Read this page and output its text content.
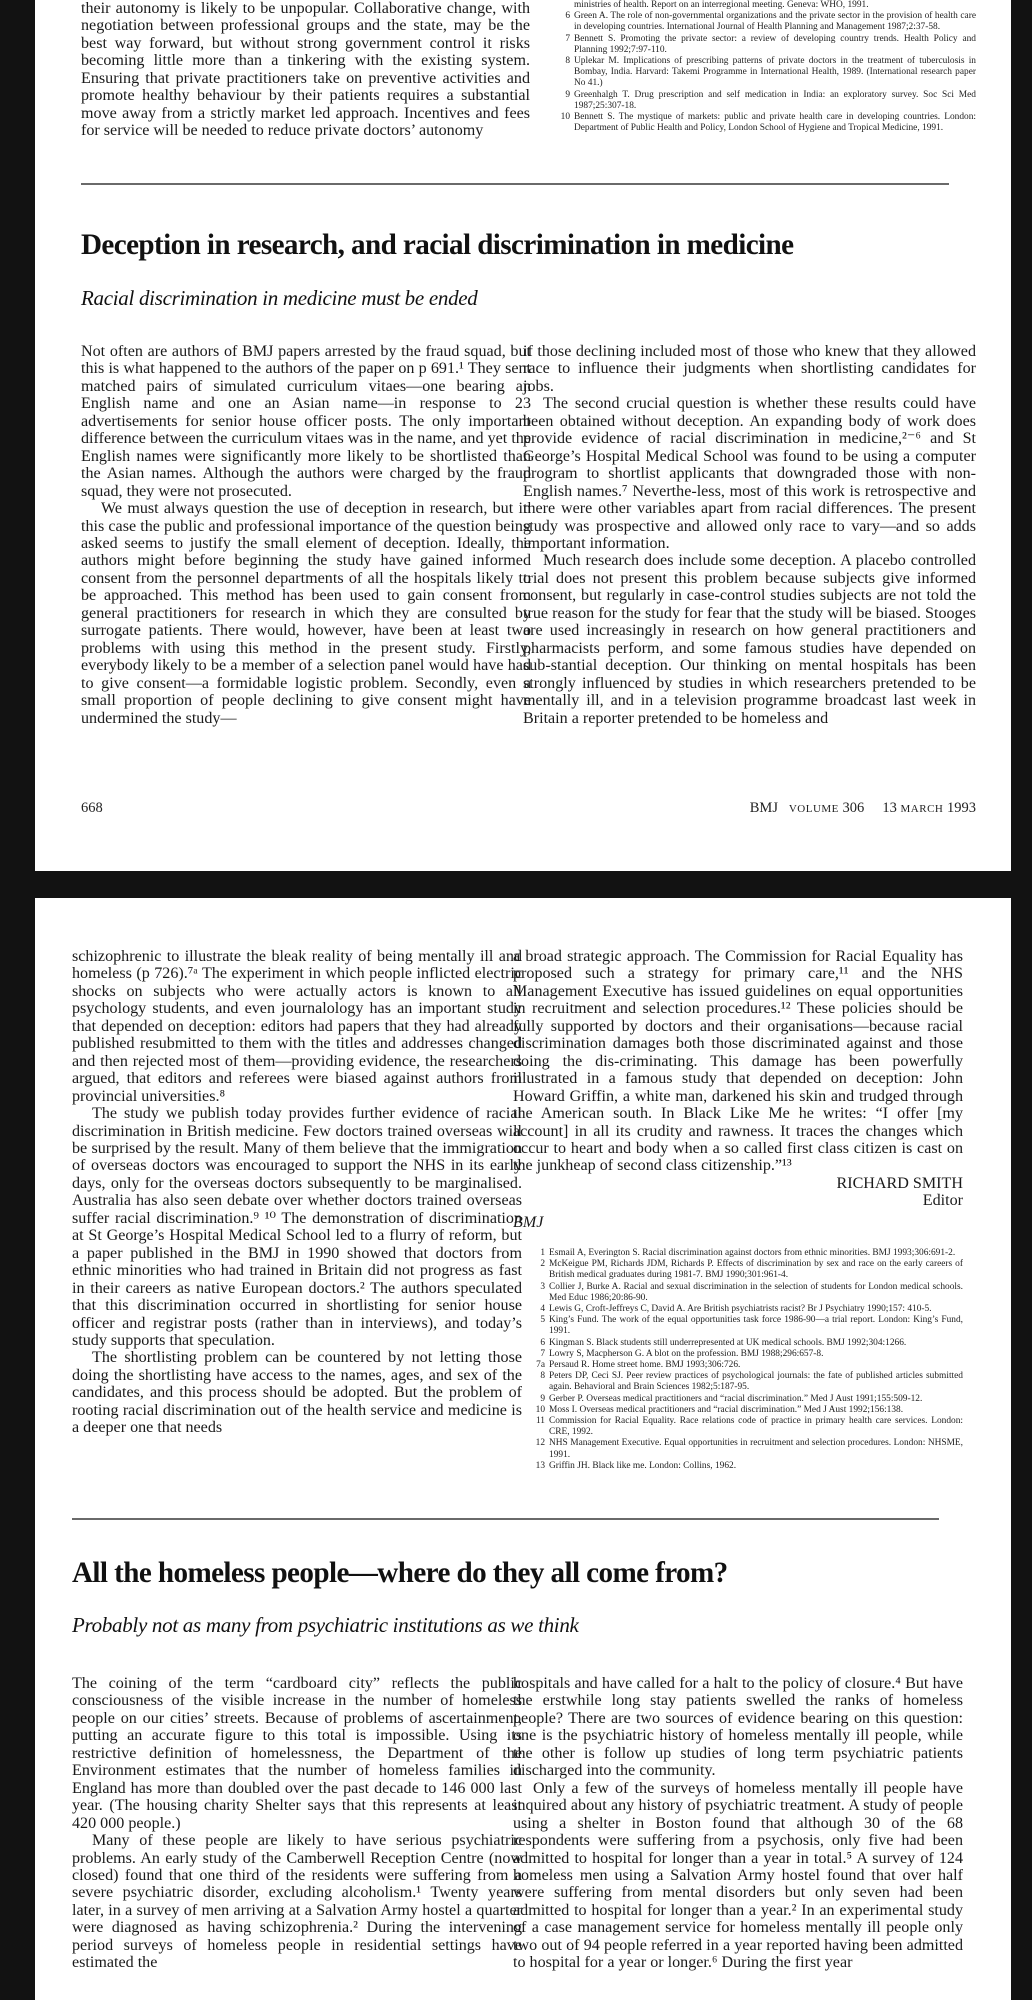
their autonomy is likely to be unpopular. Collaborative change, with negotiation between professional groups and the state, may be the best way forward, but without strong government control it risks becoming little more than a tinkering with the existing system. Ensuring that private practitioners take on preventive activities and promote healthy behaviour by their patients requires a substantial move away from a strictly market led approach. Incentives and fees for service will be needed to reduce private doctors’ autonomy

ministries of health. Report on an interregional meeting. Geneva: WHO, 1991.

6 Green A. The role of non-governmental organizations and the private sector in the provision of health care in developing countries. International Journal of Health Planning and Management 1987;2:37-58.

7 Bennett S. Promoting the private sector: a review of developing country trends. Health Policy and Planning 1992;7:97-110.

8 Uplekar M. Implications of prescribing patterns of private doctors in the treatment of tuberculosis in Bombay, India. Harvard: Takemi Programme in International Health, 1989. (International research paper No 41.)

9 Greenhalgh T. Drug prescription and self medication in India: an exploratory survey. Soc Sci Med 1987;25:307-18.

10 Bennett S. The mystique of markets: public and private health care in developing countries. London: Department of Public Health and Policy, London School of Hygiene and Tropical Medicine, 1991.

Deception in research, and racial discrimination in medicine
Racial discrimination in medicine must be ended

Not often are authors of BMJ papers arrested by the fraud squad, but this is what happened to the authors of the paper on p 691.¹ They sent matched pairs of simulated curriculum vitaes—one bearing an English name and one an Asian name—in response to 23 advertisements for senior house officer posts. The only important difference between the curriculum vitaes was in the name, and yet the English names were significantly more likely to be shortlisted than the Asian names. Although the authors were charged by the fraud squad, they were not prosecuted.

We must always question the use of deception in research, but in this case the public and professional importance of the question being asked seems to justify the small element of deception. Ideally, the authors might before beginning the study have gained informed consent from the personnel departments of all the hospitals likely to be approached. This method has been used to gain consent from general practitioners for research in which they are consulted by surrogate patients. There would, however, have been at least two problems with using this method in the present study. Firstly, everybody likely to be a member of a selection panel would have had to give consent—a formidable logistic problem. Secondly, even a small proportion of people declining to give consent might have undermined the study—

if those declining included most of those who knew that they allowed race to influence their judgments when shortlisting candidates for jobs.

The second crucial question is whether these results could have been obtained without deception. An expanding body of work does provide evidence of racial discrimination in medicine,²⁻⁶ and St George’s Hospital Medical School was found to be using a computer program to shortlist applicants that downgraded those with non-English names.⁷ Neverthe-less, most of this work is retrospective and there were other variables apart from racial differences. The present study was prospective and allowed only race to vary—and so adds important information.

Much research does include some deception. A placebo controlled trial does not present this problem because subjects give informed consent, but regularly in case-control studies subjects are not told the true reason for the study for fear that the study will be biased. Stooges are used increasingly in research on how general practitioners and pharmacists perform, and some famous studies have depended on sub-stantial deception. Our thinking on mental hospitals has been strongly influenced by studies in which researchers pretended to be mentally ill, and in a television programme broadcast last week in Britain a reporter pretended to be homeless and

668	BMJ volume 306 13 march 1993

schizophrenic to illustrate the bleak reality of being mentally ill and homeless (p 726).⁷ᵃ The experiment in which people inflicted electric shocks on subjects who were actually actors is known to all psychology students, and even journalology has an important study that depended on deception: editors had papers that they had already published resubmitted to them with the titles and addresses changed and then rejected most of them—providing evidence, the researchers argued, that editors and referees were biased against authors from provincial universities.⁸

The study we publish today provides further evidence of racial discrimination in British medicine. Few doctors trained overseas will be surprised by the result. Many of them believe that the immigration of overseas doctors was encouraged to support the NHS in its early days, only for the overseas doctors subsequently to be marginalised. Australia has also seen debate over whether doctors trained overseas suffer racial discrimination.⁹ ¹⁰ The demonstration of discrimination at St George’s Hospital Medical School led to a flurry of reform, but a paper published in the BMJ in 1990 showed that doctors from ethnic minorities who had trained in Britain did not progress as fast in their careers as native European doctors.² The authors speculated that this discrimination occurred in shortlisting for senior house officer and registrar posts (rather than in interviews), and today’s study supports that speculation.

The shortlisting problem can be countered by not letting those doing the shortlisting have access to the names, ages, and sex of the candidates, and this process should be adopted. But the problem of rooting racial discrimination out of the health service and medicine is a deeper one that needs

a broad strategic approach. The Commission for Racial Equality has proposed such a strategy for primary care,¹¹ and the NHS Management Executive has issued guidelines on equal opportunities in recruitment and selection procedures.¹² These policies should be fully supported by doctors and their organisations—because racial discrimination damages both those discriminated against and those doing the dis-criminating. This damage has been powerfully illustrated in a famous study that depended on deception: John Howard Griffin, a white man, darkened his skin and trudged through the American south. In Black Like Me he writes: “I offer [my account] in all its crudity and rawness. It traces the changes which occur to heart and body when a so called first class citizen is cast on the junkheap of second class citizenship.”¹³

RICHARD SMITH

Editor

BMJ

1 Esmail A, Everington S. Racial discrimination against doctors from ethnic minorities. BMJ 1993;306:691-2.

2 McKeigue PM, Richards JDM, Richards P. Effects of discrimination by sex and race on the early careers of British medical graduates during 1981-7. BMJ 1990;301:961-4.

3 Collier J, Burke A. Racial and sexual discrimination in the selection of students for London medical schools. Med Educ 1986;20:86-90.

4 Lewis G, Croft-Jeffreys C, David A. Are British psychiatrists racist? Br J Psychiatry 1990;157: 410-5.

5 King’s Fund. The work of the equal opportunities task force 1986-90—a trial report. London: King’s Fund, 1991.

6 Kingman S. Black students still underrepresented at UK medical schools. BMJ 1992;304:1266.

7 Lowry S, Macpherson G. A blot on the profession. BMJ 1988;296:657-8.

7a Persaud R. Home street home. BMJ 1993;306:726.

8 Peters DP, Ceci SJ. Peer review practices of psychological journals: the fate of published articles submitted again. Behavioral and Brain Sciences 1982;5:187-95.

9 Gerber P. Overseas medical practitioners and “racial discrimination.” Med J Aust 1991;155:509-12.

10 Moss I. Overseas medical practitioners and “racial discrimination.” Med J Aust 1992;156:138.

11 Commission for Racial Equality. Race relations code of practice in primary health care services. London: CRE, 1992.

12 NHS Management Executive. Equal opportunities in recruitment and selection procedures. London: NHSME, 1991.

13 Griffin JH. Black like me. London: Collins, 1962.

All the homeless people—where do they all come from?
Probably not as many from psychiatric institutions as we think

The coining of the term “cardboard city” reflects the public consciousness of the visible increase in the number of homeless people on our cities’ streets. Because of problems of ascertainment, putting an accurate figure to this total is impossible. Using its restrictive definition of homelessness, the Department of the Environment estimates that the number of homeless families in England has more than doubled over the past decade to 146 000 last year. (The housing charity Shelter says that this represents at least 420 000 people.)

Many of these people are likely to have serious psychiatric problems. An early study of the Camberwell Reception Centre (now closed) found that one third of the residents were suffering from a severe psychiatric disorder, excluding alcoholism.¹ Twenty years later, in a survey of men arriving at a Salvation Army hostel a quarter were diagnosed as having schizophrenia.² During the intervening period surveys of homeless people in residential settings have estimated the

hospitals and have called for a halt to the policy of closure.⁴ But have the erstwhile long stay patients swelled the ranks of homeless people? There are two sources of evidence bearing on this question: one is the psychiatric history of homeless mentally ill people, while the other is follow up studies of long term psychiatric patients discharged into the community.

Only a few of the surveys of homeless mentally ill people have inquired about any history of psychiatric treatment. A study of people using a shelter in Boston found that although 30 of the 68 respondents were suffering from a psychosis, only five had been admitted to hospital for longer than a year in total.⁵ A survey of 124 homeless men using a Salvation Army hostel found that over half were suffering from mental disorders but only seven had been admitted to hospital for longer than a year.² In an experimental study of a case management service for homeless mentally ill people only two out of 94 people referred in a year reported having been admitted to hospital for a year or longer.⁶ During the first year
